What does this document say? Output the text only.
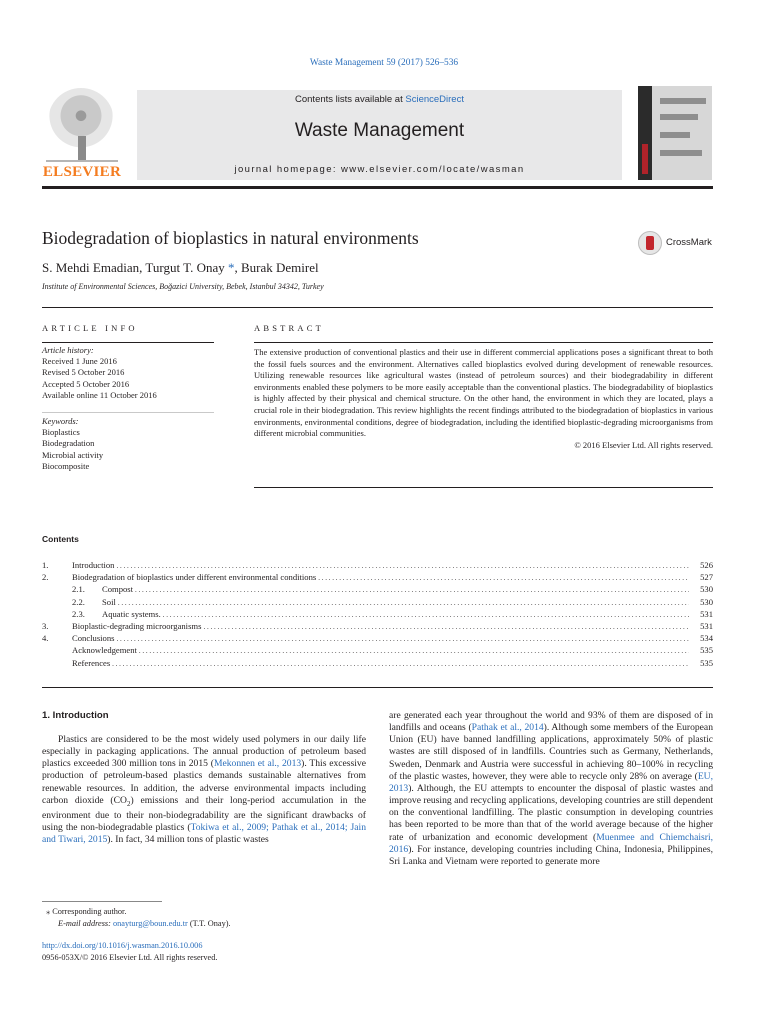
Waste Management 59 (2017) 526–536
ELSEVIER
Contents lists available at ScienceDirect
Waste Management
journal homepage: www.elsevier.com/locate/wasman
Biodegradation of bioplastics in natural environments	CrossMark
S. Mehdi Emadian, Turgut T. Onay *, Burak Demirel
Institute of Environmental Sciences, Boğazici University, Bebek, Istanbul 34342, Turkey
ARTICLE INFO
Article history:
Received 1 June 2016
Revised 5 October 2016
Accepted 5 October 2016
Available online 11 October 2016
Keywords:
Bioplastics
Biodegradation
Microbial activity
Biocomposite
ABSTRACT
The extensive production of conventional plastics and their use in different commercial applications poses a significant threat to both the fossil fuels sources and the environment. Alternatives called bioplastics evolved during development of renewable resources. Utilizing renewable resources like agricultural wastes (instead of petroleum sources) and their biodegradability in different environments enabled these polymers to be more easily acceptable than the conventional plastics. The biodegradability of bioplastics is highly affected by their physical and chemical structure. On the other hand, the environment in which they are located, plays a crucial role in their biodegradation. This review highlights the recent findings attributed to the biodegradation of bioplastics in various environments, environmental conditions, degree of biodegradation, including the identified bioplastic-degrading microorganisms from different microbial communities.
© 2016 Elsevier Ltd. All rights reserved.
Contents
1.	Introduction . . .	526
2.	Biodegradation of bioplastics under different environmental conditions . . .	527
2.1.	Compost . . .	530
2.2.	Soil . . .	530
2.3.	Aquatic systems. . . .	531
3.	Bioplastic-degrading microorganisms . . .	531
4.	Conclusions . . .	534
Acknowledgement . . .	535
References . . .	535
1. Introduction
Plastics are considered to be the most widely used polymers in our daily life especially in packaging applications. The annual production of petroleum based plastics exceeded 300 million tons in 2015 (Mekonnen et al., 2013). This excessive production of petroleum-based plastics demands sustainable alternatives from renewable resources. In addition, the adverse environmental impacts including carbon dioxide $(CO_2)$ emissions and their long-period accumulation in the environment due to their non-biodegradability are the significant drawbacks of using the non-biodegradable plastics (Tokiwa et al., 2009; Pathak et al., 2014; Jain and Tiwari, 2015). In fact, 34 million tons of plastic wastes
are generated each year throughout the world and 93% of them are disposed of in landfills and oceans (Pathak et al., 2014). Although some members of the European Union (EU) have banned landfilling applications, approximately 50% of plastic wastes are still disposed of in landfills. Countries such as Germany, Netherlands, Sweden, Denmark and Austria were successful in achieving 80–100% in recycling of the plastic wastes, however, they were able to recycle only 28% on average (EU, 2013). Although, the EU attempts to encounter the disposal of plastic wastes and improve reusing and recycling applications, developing countries are still dependent on the conventional landfilling. The plastic consumption in developing countries has been reported to be more than that of the world average because of the higher rate of urbanization and economic development (Muenmee and Chiemchaisri, 2016). For instance, developing countries including China, Indonesia, Philippines, Sri Lanka and Vietnam were reported to generate more
⁎ Corresponding author.
E-mail address: onayturg@boun.edu.tr (T.T. Onay).
http://dx.doi.org/10.1016/j.wasman.2016.10.006
0956-053X/© 2016 Elsevier Ltd. All rights reserved.
